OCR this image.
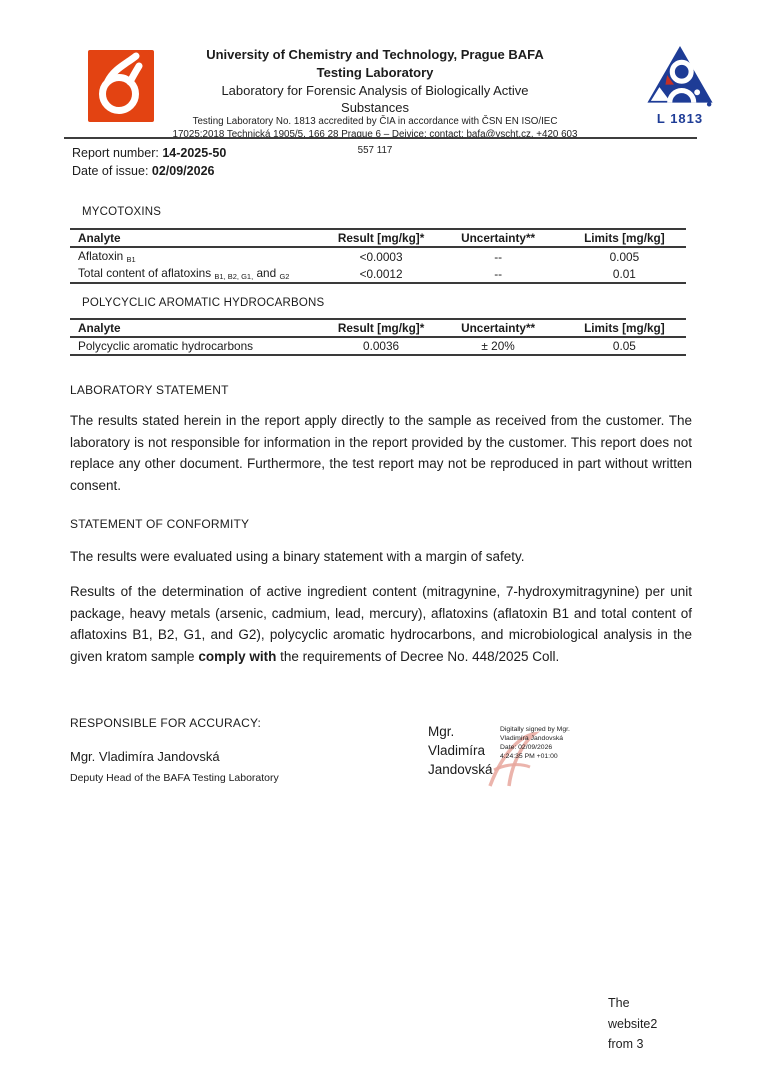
University of Chemistry and Technology, Prague BAFA
Testing Laboratory
Laboratory for Forensic Analysis of Biologically Active
Substances
Testing Laboratory No. 1813 accredited by ČIA in accordance with ČSN EN ISO/IEC
17025:2018 Technická 1905/5, 166 28 Prague 6 – Dejvice; contact: bafa@vscht.cz, +420 603
L 1813
557 117
Report number: 14-2025-50
Date of issue: 02/09/2026
MYCOTOXINS
Analyte	Result [mg/kg]*	Uncertainty**	Limits [mg/kg]
Aflatoxin $_{B1}$	<0.0003	--	0.005
Total content of aflatoxins $_{B1, B2, G1,}$ and $_{G2}$	<0.0012	--	0.01
POLYCYCLIC AROMATIC HYDROCARBONS
Analyte	Result [mg/kg]*	Uncertainty**	Limits [mg/kg]
Polycyclic aromatic hydrocarbons	0.0036	± 20%	0.05
LABORATORY STATEMENT
The results stated herein in the report apply directly to the sample as received from the customer. The laboratory is not responsible for information in the report provided by the customer. This report does not replace any other document. Furthermore, the test report may not be reproduced in part without written consent.
STATEMENT OF CONFORMITY
The results were evaluated using a binary statement with a margin of safety.
Results of the determination of active ingredient content (mitragynine, 7-hydroxymitragynine) per unit package, heavy metals (arsenic, cadmium, lead, mercury), aflatoxins (aflatoxin B1 and total content of aflatoxins B1, B2, G1, and G2), polycyclic aromatic hydrocarbons, and microbiological analysis in the given kratom sample comply with the requirements of Decree No. 448/2025 Coll.
RESPONSIBLE FOR ACCURACY:
Mgr. Vladimíra Jandovská
Deputy Head of the BAFA Testing Laboratory
Mgr.
Vladimíra
Jandovská
Digitally signed by Mgr.
Vladimíra Jandovská
Date: 02/09/2026
4:24:35 PM +01:00
The
website2
from 3
